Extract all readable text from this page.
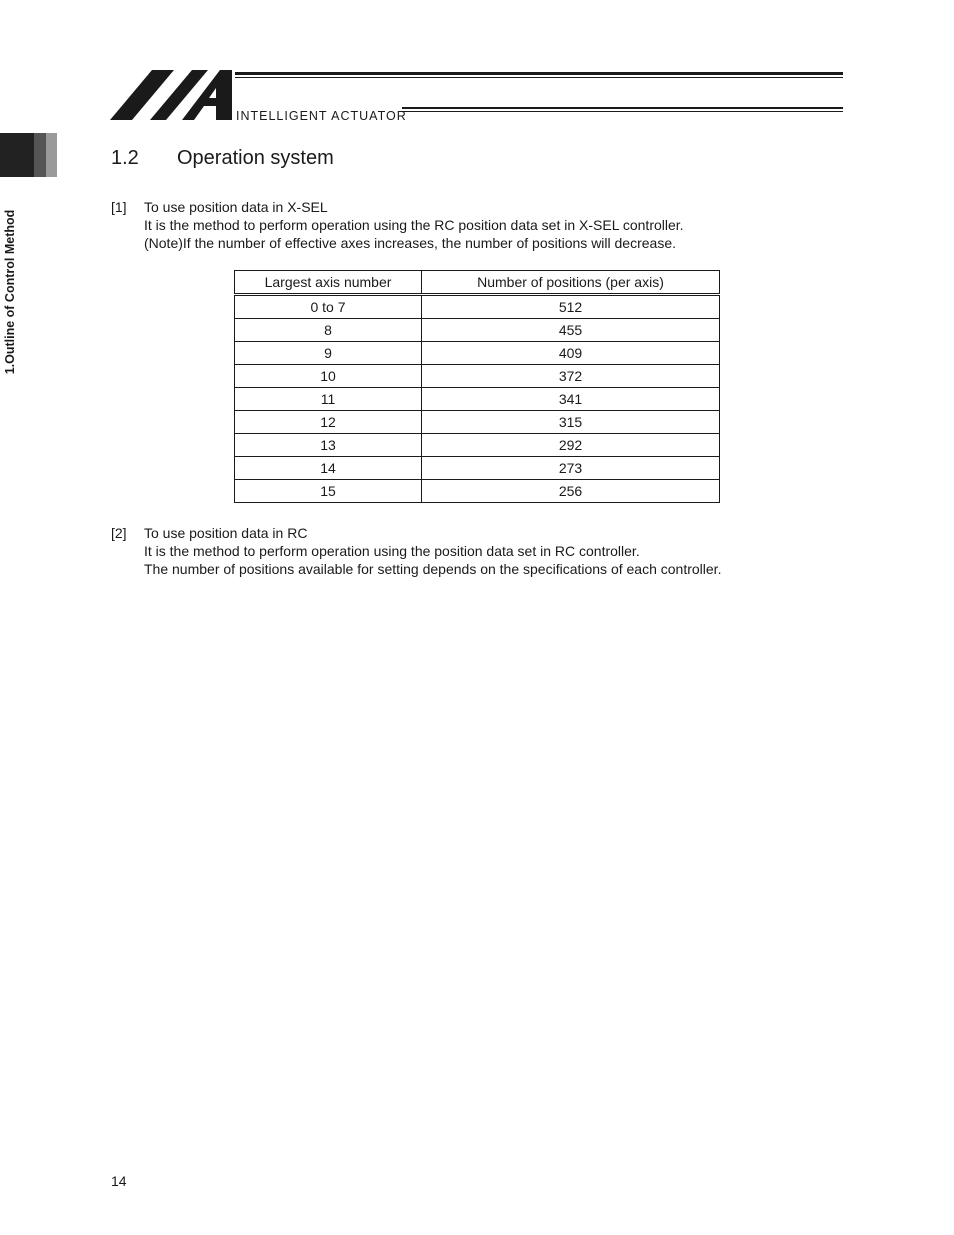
INTELLIGENT ACTUATOR
1.Outline of Control Method
1.2 Operation system
[1] To use position data in X-SEL
It is the method to perform operation using the RC position data set in X-SEL controller.
(Note)If the number of effective axes increases, the number of positions will decrease.
Largest axis number	Number of positions (per axis)
0 to 7	512
8	455
9	409
10	372
11	341
12	315
13	292
14	273
15	256
[2] To use position data in RC
It is the method to perform operation using the position data set in RC controller.
The number of positions available for setting depends on the specifications of each controller.
14
